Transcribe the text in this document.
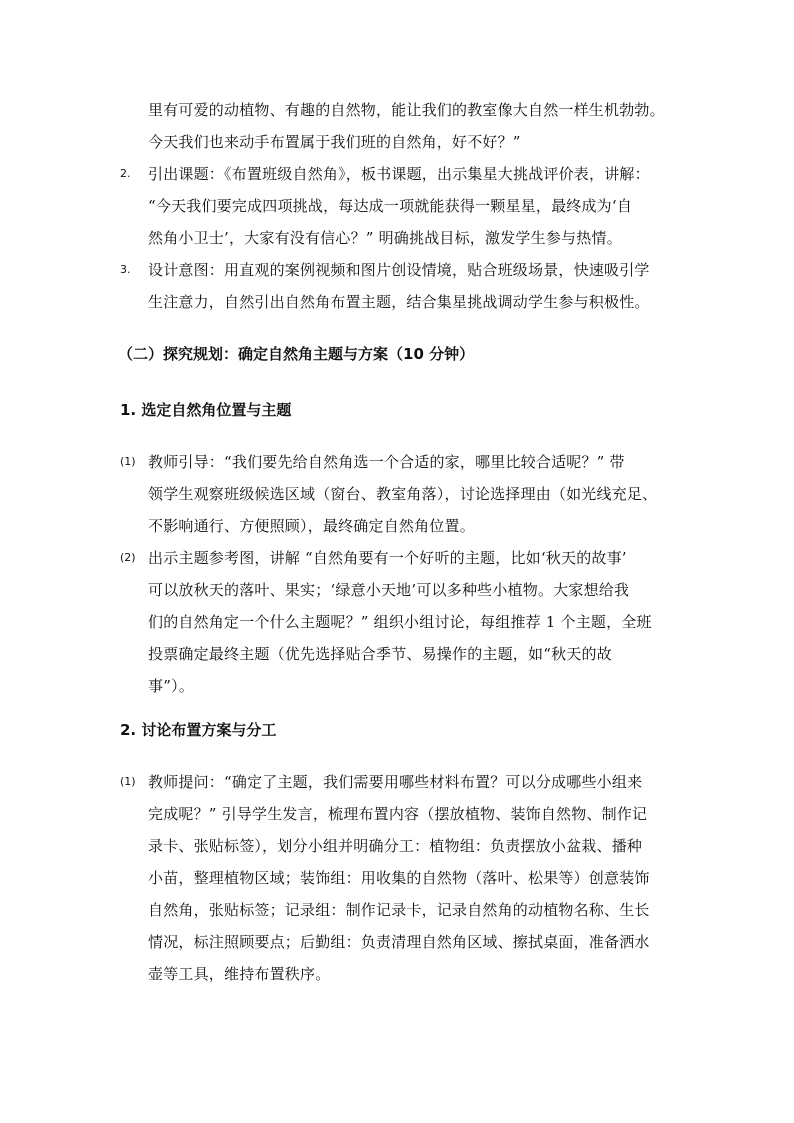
里有可爱的动植物、有趣的自然物，能让我们的教室像大自然一样生机勃勃。
今天我们也来动手布置属于我们班的自然角，好不好？”
2. 引出课题：《布置班级自然角》，板书课题，出示集星大挑战评价表，讲解：
“今天我们要完成四项挑战，每达成一项就能获得一颗星星，最终成为‘自
然角小卫士’，大家有没有信心？” 明确挑战目标，激发学生参与热情。
3. 设计意图：用直观的案例视频和图片创设情境，贴合班级场景，快速吸引学
生注意力，自然引出自然角布置主题，结合集星挑战调动学生参与积极性。
（二）探究规划：确定自然角主题与方案（10 分钟）
1. 选定自然角位置与主题
(1) 教师引导：“我们要先给自然角选一个合适的家，哪里比较合适呢？” 带
领学生观察班级候选区域（窗台、教室角落），讨论选择理由（如光线充足、
不影响通行、方便照顾），最终确定自然角位置。
(2) 出示主题参考图，讲解 “自然角要有一个好听的主题，比如‘秋天的故事’
可以放秋天的落叶、果实；‘绿意小天地’可以多种些小植物。大家想给我
们的自然角定一个什么主题呢？” 组织小组讨论，每组推荐 1 个主题，全班
投票确定最终主题（优先选择贴合季节、易操作的主题，如“秋天的故
事”）。
2. 讨论布置方案与分工
(1) 教师提问：“确定了主题，我们需要用哪些材料布置？可以分成哪些小组来
完成呢？” 引导学生发言，梳理布置内容（摆放植物、装饰自然物、制作记
录卡、张贴标签），划分小组并明确分工：植物组：负责摆放小盆栽、播种
小苗，整理植物区域；装饰组：用收集的自然物（落叶、松果等）创意装饰
自然角，张贴标签；记录组：制作记录卡，记录自然角的动植物名称、生长
情况，标注照顾要点；后勤组：负责清理自然角区域、擦拭桌面，准备洒水
壶等工具，维持布置秩序。
